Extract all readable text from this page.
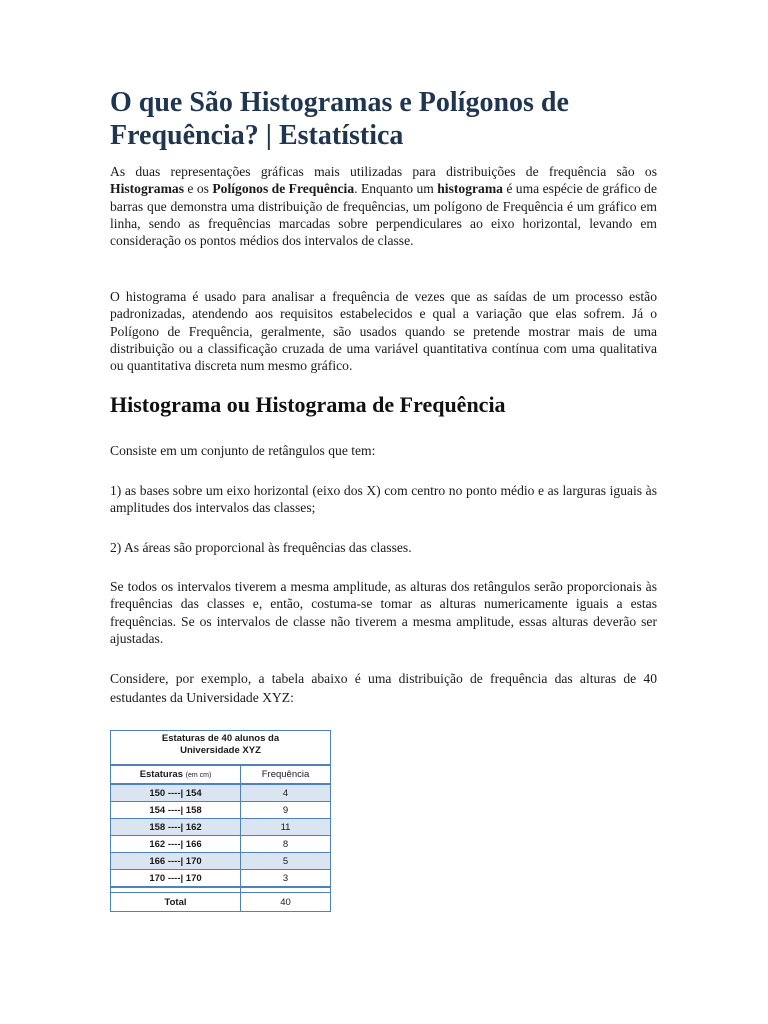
O que São Histogramas e Polígonos de Frequência? | Estatística

As duas representações gráficas mais utilizadas para distribuições de frequência são os Histogramas e os Polígonos de Frequência. Enquanto um histograma é uma espécie de gráfico de barras que demonstra uma distribuição de frequências, um polígono de Frequência é um gráfico em linha, sendo as frequências marcadas sobre perpendiculares ao eixo horizontal, levando em consideração os pontos médios dos intervalos de classe.

O histograma é usado para analisar a frequência de vezes que as saídas de um processo estão padronizadas, atendendo aos requisitos estabelecidos e qual a variação que elas sofrem. Já o Polígono de Frequência, geralmente, são usados quando se pretende mostrar mais de uma distribuição ou a classificação cruzada de uma variável quantitativa contínua com uma qualitativa ou quantitativa discreta num mesmo gráfico.

Histograma ou Histograma de Frequência

Consiste em um conjunto de retângulos que tem:

1) as bases sobre um eixo horizontal (eixo dos X) com centro no ponto médio e as larguras iguais às amplitudes dos intervalos das classes;

2) As áreas são proporcional às frequências das classes.

Se todos os intervalos tiverem a mesma amplitude, as alturas dos retângulos serão proporcionais às frequências das classes e, então, costuma-se tomar as alturas numericamente iguais a estas frequências. Se os intervalos de classe não tiverem a mesma amplitude, essas alturas deverão ser ajustadas.

Considere, por exemplo, a tabela abaixo é uma distribuição de frequência das alturas de 40 estudantes da Universidade XYZ:

Estaturas de 40 alunos da
Universidade XYZ	

Estaturas (em cm)	Frequência
150 ----| 154	4
154 ----| 158	9
158 ----| 162	11
162 ----| 166	8
166 ----| 170	5
170 ----| 170	3

Total	40
